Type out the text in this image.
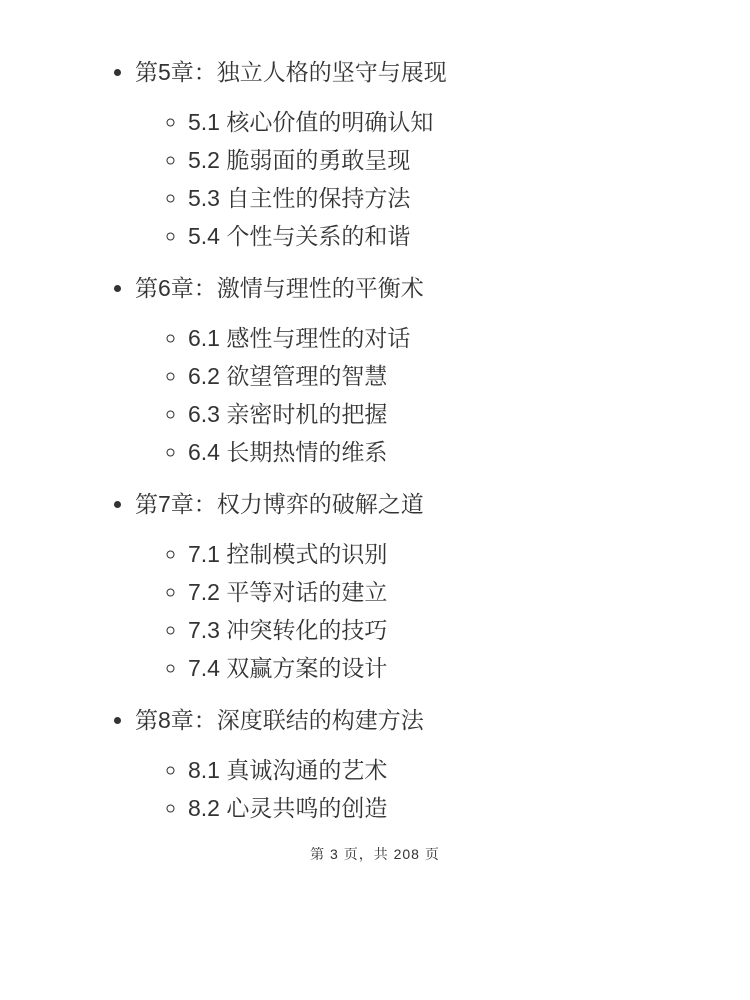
• 第5章：独立人格的坚守与展现
◦ 5.1 核心价值的明确认知
◦ 5.2 脆弱面的勇敢呈现
◦ 5.3 自主性的保持方法
◦ 5.4 个性与关系的和谐
• 第6章：激情与理性的平衡术
◦ 6.1 感性与理性的对话
◦ 6.2 欲望管理的智慧
◦ 6.3 亲密时机的把握
◦ 6.4 长期热情的维系
• 第7章：权力博弈的破解之道
◦ 7.1 控制模式的识别
◦ 7.2 平等对话的建立
◦ 7.3 冲突转化的技巧
◦ 7.4 双赢方案的设计
• 第8章：深度联结的构建方法
◦ 8.1 真诚沟通的艺术
◦ 8.2 心灵共鸣的创造
第 3 页，共 208 页
